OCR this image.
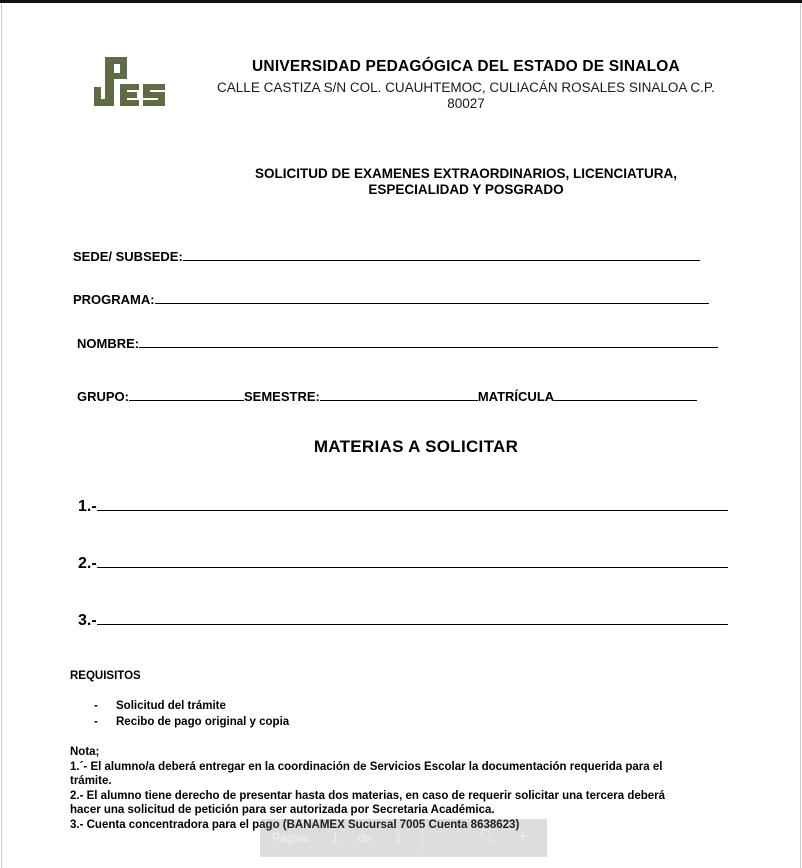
UNIVERSIDAD PEDAGÓGICA DEL ESTADO DE SINALOA
CALLE CASTIZA S/N COL. CUAUHTEMOC, CULIACÁN ROSALES SINALOA C.P.
80027
SOLICITUD DE EXAMENES EXTRAORDINARIOS, LICENCIATURA,
ESPECIALIDAD Y POSGRADO
SEDE/ SUBSEDE:
PROGRAMA:
NOMBRE:
GRUPO:	SEMESTRE:	MATRÍCULA
MATERIAS A SOLICITAR
1.-
2.-
3.-
REQUISITOS
- Solicitud del trámite
- Recibo de pago original y copia
Nota;
1.´- El alumno/a deberá entregar en la coordinación de Servicios Escolar la documentación requerida para el
trámite.
2.- El alumno tiene derecho de presentar hasta dos materias, en caso de requerir solicitar una tercera deberá
hacer una solicitud de petición para ser autorizada por Secretaria Académica.
3.- Cuenta concentradora para el pago (BANAMEX Sucursal 7005 Cuenta 8638623)
Página 1 de 1	🔍︎ +
